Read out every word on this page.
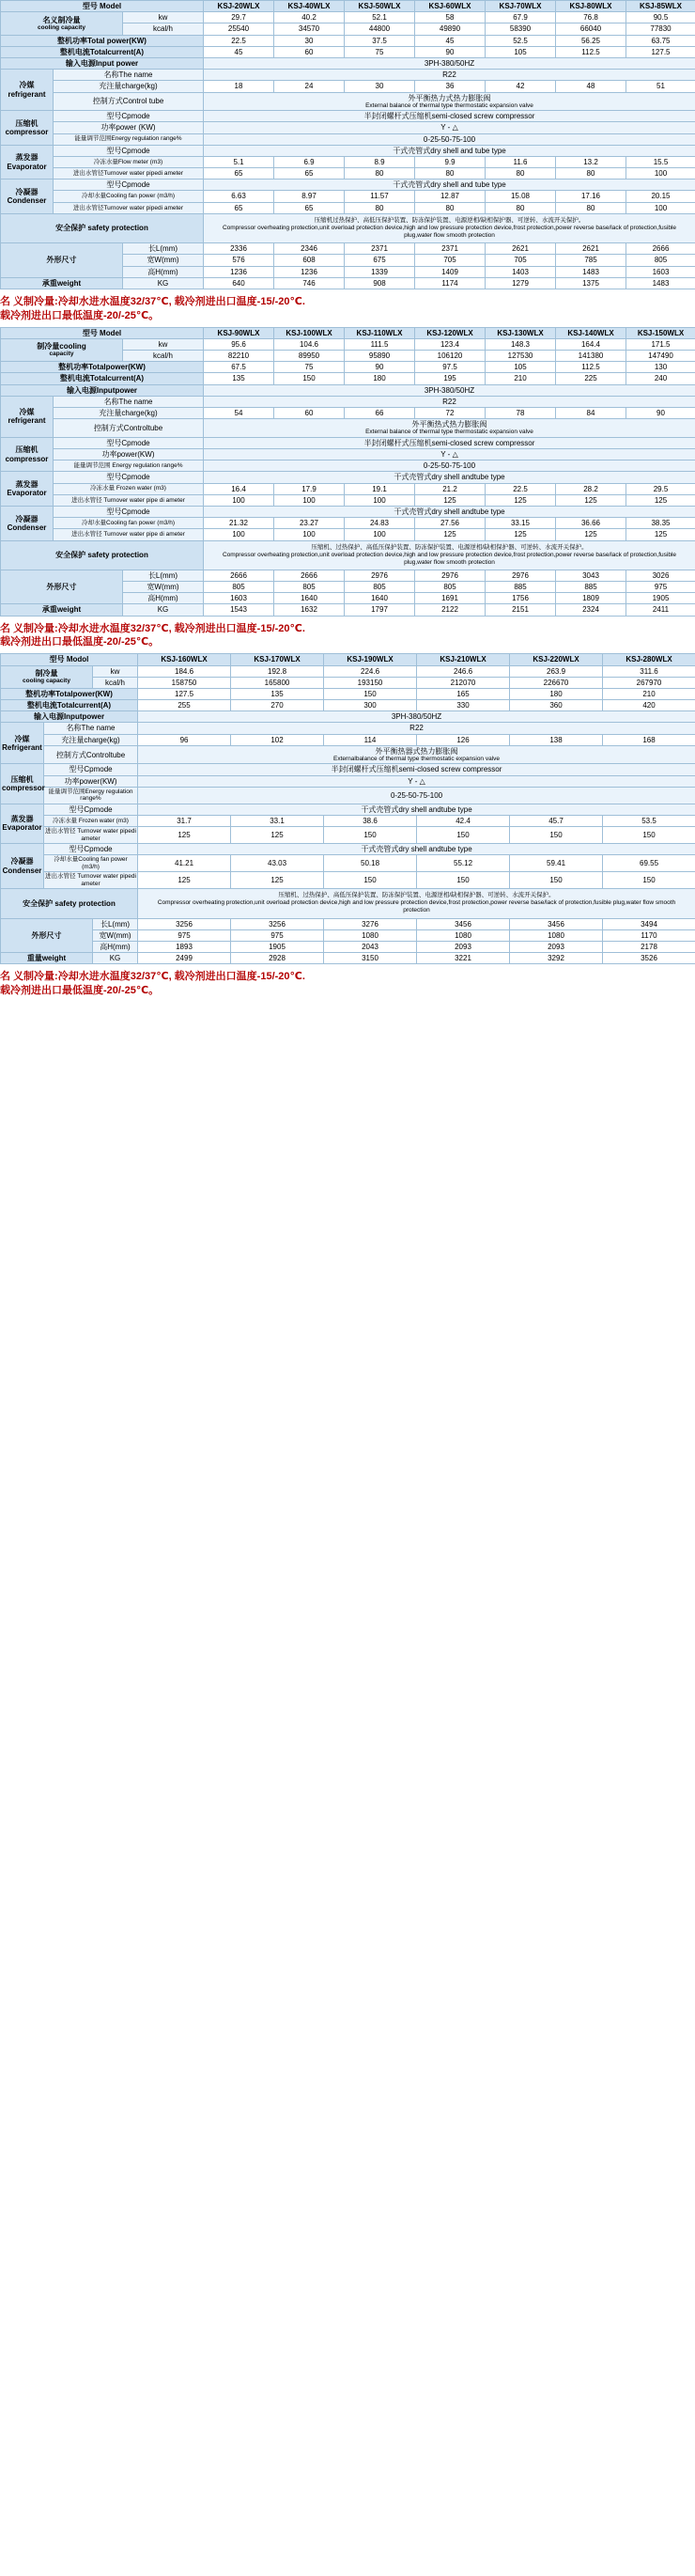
型号 Model			KSJ-20WLX	KSJ-40WLX	KSJ-50WLX	KSJ-60WLX	KSJ-70WLX	KSJ-80WLX	KSJ-85WLX

名义制冷量
cooling capacity		kw	29.7	40.2	52.1	58	67.9	76.8	90.5
		kcal/h	25540	34570	44800	49890	58390	66040	77830
整机功率Total power(KW)			22.5	30	37.5	45	52.5	56.25	63.75
整机电流Totalcurrent(A)			45	60	75	90	105	112.5	127.5
输入电源Input power			3PH-380/50HZ						
冷媒refrigerant	名称The name		R22						
	充注量charge(kg)		18	24	30	36	42	48	51
	控制方式Control tube		外平衡热力式热力膨胀阀
External balance of thermal type thermostatic expansion valve						

压缩机compressor	型号Cpmode		半封闭螺杆式压缩机semi-closed screw compressor						
	功率power (KW)		Y - △						
	能量调节范围Energy regulation range%		0-25-50-75-100						
蒸发器 Evaporator	型号Cpmode		干式壳管式dry shell and tube type						
	冷冻水量Flow meter (m3)		5.1	6.9	8.9	9.9	11.6	13.2	15.5
	进出水管径Turnover water pipedi ameter		65	65	80	80	80	80	100

冷凝器 Condenser	型号Cpmode		干式壳管式dry shell and tube type						
	冷却水量Cooling fan power (m3/h)		6.63	8.97	11.57	12.87	15.08	17.16	20.15
	进出水管径Turnover water pipedi ameter		65	65	80	80	80	80	100
安全保护 safety protection			压缩机过热保护、高低压保护装置、防冻保护装置、电源逆相/缺相保护器、可逆转、水流开关保护。
Compressor overheating protection,unit overload protection device,high and low pressure protection device,frost protection,power reverse base/lack of protection,fusible plug,water flow smooth protection						

外形尺寸		长L(mm)	2336	2346	2371	2371	2621	2621	2666
		宽W(mm)	576	608	675	705	705	785	805
		高H(mm)	1236	1236	1339	1409	1403	1483	1603
承重weight		KG	640	746	908	1174	1279	1375	1483
名 义制冷量:冷却水进水温度32/37℃, 载冷剂进出口温度-15/-20℃.
载冷剂进出口最低温度-20/-25℃。
型号 Model			KSJ-90WLX	KSJ-100WLX	KSJ-110WLX	KSJ-120WLX	KSJ-130WLX	KSJ-140WLX	KSJ-150WLX

制冷量cooling
capacity		kw	95.6	104.6	111.5	123.4	148.3	164.4	171.5
		kcal/h	82210	89950	95890	106120	127530	141380	147490
整机功率Totalpower(KW)			67.5	75	90	97.5	105	112.5	130
整机电流Totalcurrent(A)			135	150	180	195	210	225	240
输入电源Inputpower			3PH-380/50HZ						
冷媒refrigerant	名称The name		R22						
	充注量charge(kg)		54	60	66	72	78	84	90
	控制方式Controltube		外平衡热式热力膨胀阀
External balance of thermal type thermostatic expansion valve						

压缩机compressor	型号Cpmode		半封闭螺杆式压缩机semi-closed screw compressor						
	功率power(KW)		Y - △						
	能量调节范围 Energy regulation range%		0-25-50-75-100						
蒸发器 Evaporator	型号Cpmode		干式壳管式dry shell andtube type						
	冷冻水量 Frozen water (m3)		16.4	17.9	19.1	21.2	22.5	28.2	29.5
	进出水管径 Turnover water pipe di ameter		100	100	100	125	125	125	125
冷凝器 Condenser	型号Cpmode		干式壳管式dry shell andtube type						
	冷却水量Cooling fan power (m3/h)		21.32	23.27	24.83	27.56	33.15	36.66	38.35
	进出水管径 Turnover water pipe di ameter		100	100	100	125	125	125	125
安全保护 safety protection			压缩机、过热保护、高低压保护装置、防冻保护装置、电源逆相/缺相保护器、可逆转、水流开关保护。
Compressor overheating protection,unit overload protection device,high and low pressure protection device,frost protection,power reverse base/lack of protection,fusible plug,water flow smooth protection						

外形尺寸		长L(mm)	2666	2666	2976	2976	2976	3043	3026
		宽W(mm)	805	805	805	805	885	885	975
		高H(mm)	1603	1640	1640	1691	1756	1809	1905
承重weight		KG	1543	1632	1797	2122	2151	2324	2411
名 义制冷量:冷却水进水温度32/37℃, 载冷剂进出口温度-15/-20℃.
载冷剂进出口最低温度-20/-25℃。
型号 Modol			KSJ-160WLX	KSJ-170WLX	KSJ-190WLX	KSJ-210WLX	KSJ-220WLX	KSJ-280WLX

制冷量
cooling capacity		kw	184.6	192.8	224.6	246.6	263.9	311.6
		kcal/h	158750	165800	193150	212070	226670	267970
整机功率Totalpower(KW)			127.5	135	150	165	180	210
整机电流Totalcurrent(A)			255	270	300	330	360	420
输入电源Inputpower			3PH-380/50HZ					

冷媒Refrigerant	名称The name		R22					
	充注量charge(kg)		96	102	114	126	138	168
	控制方式Controltube		外平衡热器式热力膨胀阀
Externalbalance of thermal type thermostatic expansion valve					

压缩机compressor	型号Cpmode		半封闭螺杆式压缩机semi-closed screw compressor					
	功率power(KW)		Y - △					
	能量调节范围Energy regulation range%		0-25-50-75-100					
蒸发器 Evaporator	型号Cpmode		干式壳管式dry shell andtube type					
	冷冻水量 Frozen water (m3)		31.7	33.1	38.6	42.4	45.7	53.5
	进出水管径 Turnover water pipedi ameter		125	125	150	150	150	150
冷凝器 Condenser	型号Cpmode		干式壳管式dry shell andtube type					
	冷却水量Cooling fan power (m3/h)		41.21	43.03	50.18	55.12	59.41	69.55
	进出水管径 Turnover water pipedi ameter		125	125	150	150	150	150
安全保护 safety protection			压缩机、过热保护、高低压保护装置、防冻保护装置、电源逆相/缺相保护器、可逆转、水流开关保护。
Compressor overheating protection,unit overload protection device,high and low pressure protection device,frost protection,power reverse base/lack of protection,fusible plug,water flow smooth protection					

外形尺寸		长L(mm)	3256	3256	3276	3456	3456	3494
		宽W(mm)	975	975	1080	1080	1080	1170
		高H(mm)	1893	1905	2043	2093	2093	2178
重量weight		KG	2499	2928	3150	3221	3292	3526
名 义制冷量:冷却水进水温度32/37℃, 载冷剂进出口温度-15/-20℃.
载冷剂进出口最低温度-20/-25℃。
